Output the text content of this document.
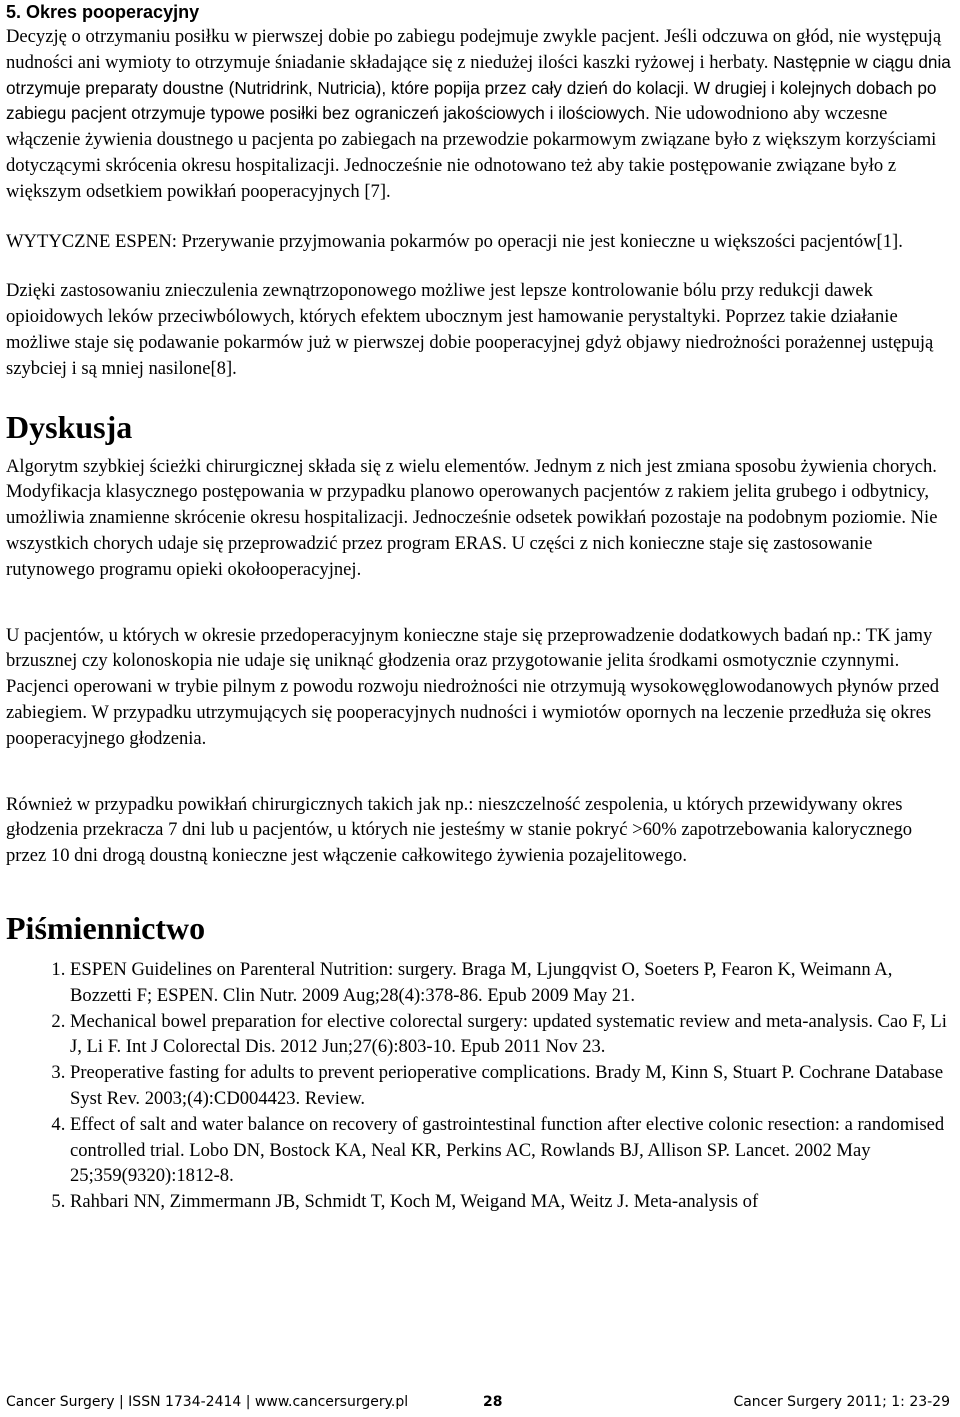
5. Okres pooperacyjny

Decyzję o otrzymaniu posiłku w pierwszej dobie po zabiegu podejmuje zwykle pacjent. Jeśli odczuwa on głód, nie występują nudności ani wymioty to otrzymuje śniadanie składające się z niedużej ilości kaszki ryżowej i herbaty. Następnie w ciągu dnia otrzymuje preparaty doustne (Nutridrink, Nutricia), które popija przez cały dzień do kolacji. W drugiej i kolejnych dobach po zabiegu pacjent otrzymuje typowe posiłki bez ograniczeń jakościowych i ilościowych. Nie udowodniono aby wczesne włączenie żywienia doustnego u pacjenta po zabiegach na przewodzie pokarmowym związane było z większym korzyściami dotyczącymi skrócenia okresu hospitalizacji. Jednocześnie nie odnotowano też aby takie postępowanie związane było z większym odsetkiem powikłań pooperacyjnych [7].

WYTYCZNE ESPEN: Przerywanie przyjmowania pokarmów po operacji nie jest konieczne u większości pacjentów[1].

Dzięki zastosowaniu znieczulenia zewnątrzoponowego możliwe jest lepsze kontrolowanie bólu przy redukcji dawek opioidowych leków przeciwbólowych, których efektem ubocznym jest hamowanie perystaltyki. Poprzez takie działanie możliwe staje się podawanie pokarmów już w pierwszej dobie pooperacyjnej gdyż objawy niedrożności porażennej ustępują szybciej i są mniej nasilone[8].

Dyskusja

Algorytm szybkiej ścieżki chirurgicznej składa się z wielu elementów. Jednym z nich jest zmiana sposobu żywienia chorych. Modyfikacja klasycznego postępowania w przypadku planowo operowanych pacjentów z rakiem jelita grubego i odbytnicy, umożliwia znamienne skrócenie okresu hospitalizacji. Jednocześnie odsetek powikłań pozostaje na podobnym poziomie. Nie wszystkich chorych udaje się przeprowadzić przez program ERAS. U części z nich konieczne staje się zastosowanie rutynowego programu opieki okołooperacyjnej.

U pacjentów, u których w okresie przedoperacyjnym konieczne staje się przeprowadzenie dodatkowych badań np.: TK jamy brzusznej czy kolonoskopia nie udaje się uniknąć głodzenia oraz przygotowanie jelita środkami osmotycznie czynnymi. Pacjenci operowani w trybie pilnym z powodu rozwoju niedrożności nie otrzymują wysokowęglowodanowych płynów przed zabiegiem. W przypadku utrzymujących się pooperacyjnych nudności i wymiotów opornych na leczenie przedłuża się okres pooperacyjnego głodzenia.

Również w przypadku powikłań chirurgicznych takich jak np.: nieszczelność zespolenia, u których przewidywany okres głodzenia przekracza 7 dni lub u pacjentów, u których nie jesteśmy w stanie pokryć >60% zapotrzebowania kalorycznego przez 10 dni drogą doustną konieczne jest włączenie całkowitego żywienia pozajelitowego.

Piśmiennictwo
1. ESPEN Guidelines on Parenteral Nutrition: surgery. Braga M, Ljungqvist O, Soeters P, Fearon K, Weimann A, Bozzetti F; ESPEN. Clin Nutr. 2009 Aug;28(4):378-86. Epub 2009 May 21.
2. Mechanical bowel preparation for elective colorectal surgery: updated systematic review and meta-analysis. Cao F, Li J, Li F. Int J Colorectal Dis. 2012 Jun;27(6):803-10. Epub 2011 Nov 23.
3. Preoperative fasting for adults to prevent perioperative complications. Brady M, Kinn S, Stuart P. Cochrane Database Syst Rev. 2003;(4):CD004423. Review.
4. Effect of salt and water balance on recovery of gastrointestinal function after elective colonic resection: a randomised controlled trial. Lobo DN, Bostock KA, Neal KR, Perkins AC, Rowlands BJ, Allison SP. Lancet. 2002 May 25;359(9320):1812-8.
5. Rahbari NN, Zimmermann JB, Schmidt T, Koch M, Weigand MA, Weitz J. Meta-analysis of
Cancer Surgery | ISSN 1734-2414 | www.cancersurgery.pl	28	Cancer Surgery 2011; 1: 23-29
